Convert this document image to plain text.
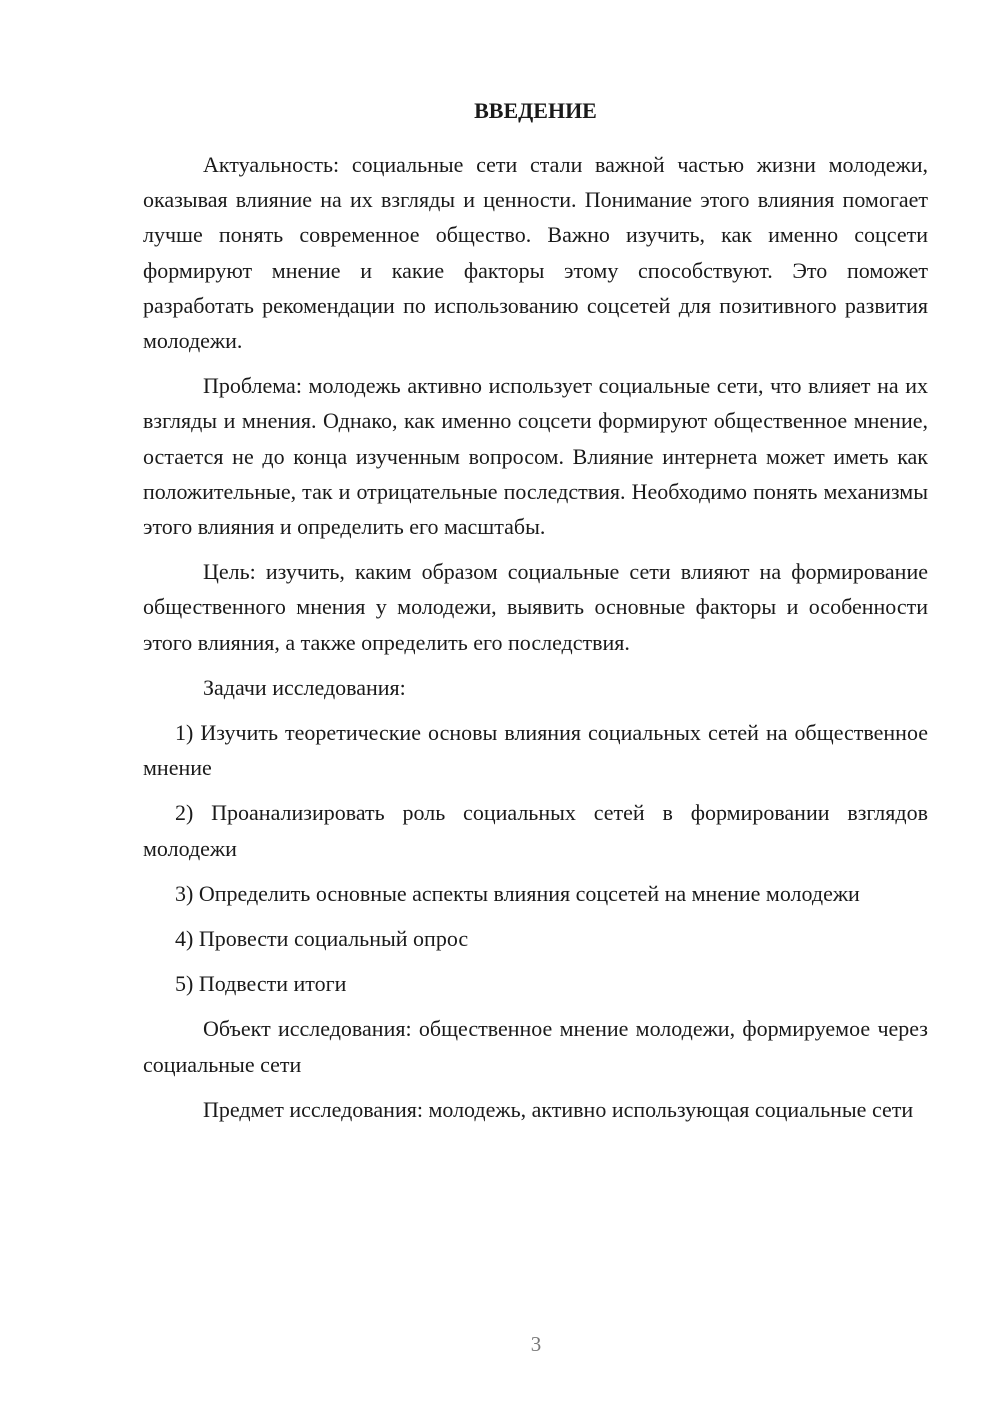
ВВЕДЕНИЕ

Актуальность: социальные сети стали важной частью жизни молодежи, оказывая влияние на их взгляды и ценности. Понимание этого влияния помогает лучше понять современное общество. Важно изучить, как именно соцсети формируют мнение и какие факторы этому способствуют. Это поможет разработать рекомендации по использованию соцсетей для позитивного развития молодежи.

Проблема: молодежь активно использует социальные сети, что влияет на их взгляды и мнения. Однако, как именно соцсети формируют общественное мнение, остается не до конца изученным вопросом. Влияние интернета может иметь как положительные, так и отрицательные последствия. Необходимо понять механизмы этого влияния и определить его масштабы.

Цель: изучить, каким образом социальные сети влияют на формирование общественного мнения у молодежи, выявить основные факторы и особенности этого влияния, а также определить его последствия.

Задачи исследования:

1) Изучить теоретические основы влияния социальных сетей на общественное мнение

2) Проанализировать роль социальных сетей в формировании взглядов молодежи

3) Определить основные аспекты влияния соцсетей на мнение молодежи

4) Провести социальный опрос

5) Подвести итоги

Объект исследования: общественное мнение молодежи, формируемое через социальные сети

Предмет исследования: молодежь, активно использующая социальные сети

3
